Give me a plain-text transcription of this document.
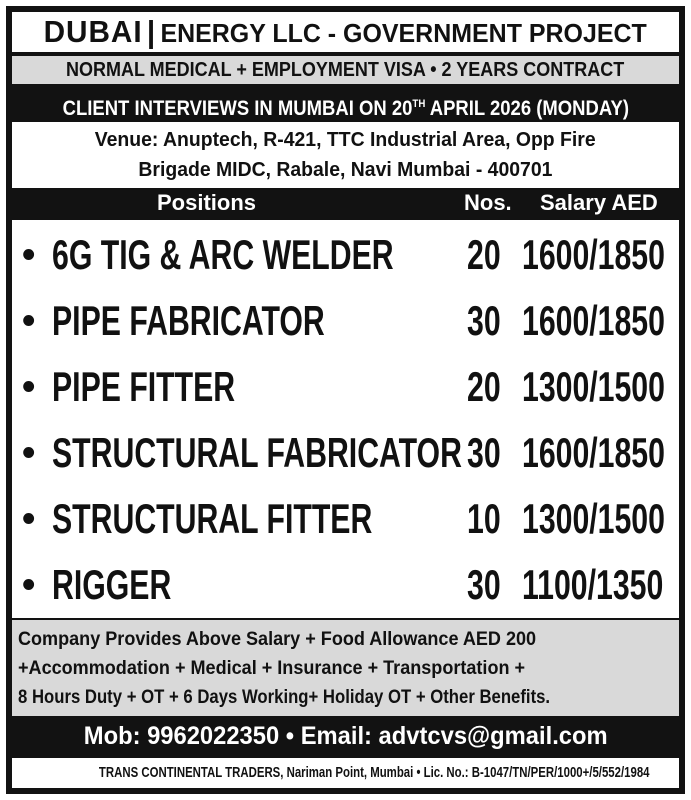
DUBAI | ENERGY LLC - GOVERNMENT PROJECT
NORMAL MEDICAL + EMPLOYMENT VISA • 2 YEARS CONTRACT
CLIENT INTERVIEWS IN MUMBAI ON 20TH APRIL 2026 (MONDAY)
Venue: Anuptech, R-421, TTC Industrial Area, Opp Fire
Brigade MIDC, Rabale, Navi Mumbai - 400701
Positions	Nos. Salary AED
• 6G TIG & ARC WELDER 20 1600/1850
• PIPE FABRICATOR	30 1600/1850
• PIPE FITTER	20 1300/1500
• STRUCTURAL FABRICATOR 30 1600/1850
• STRUCTURAL FITTER 10 1300/1500
• RIGGER	30 1100/1350
Company Provides Above Salary + Food Allowance AED 200
+Accommodation + Medical + Insurance + Transportation +
8 Hours Duty + OT + 6 Days Working+ Holiday OT + Other Benefits.
Mob: 9962022350 • Email: advtcvs@gmail.com
TRANS CONTINENTAL TRADERS, Nariman Point, Mumbai • Lic. No.: B-1047/TN/PER/1000+/5/552/1984
